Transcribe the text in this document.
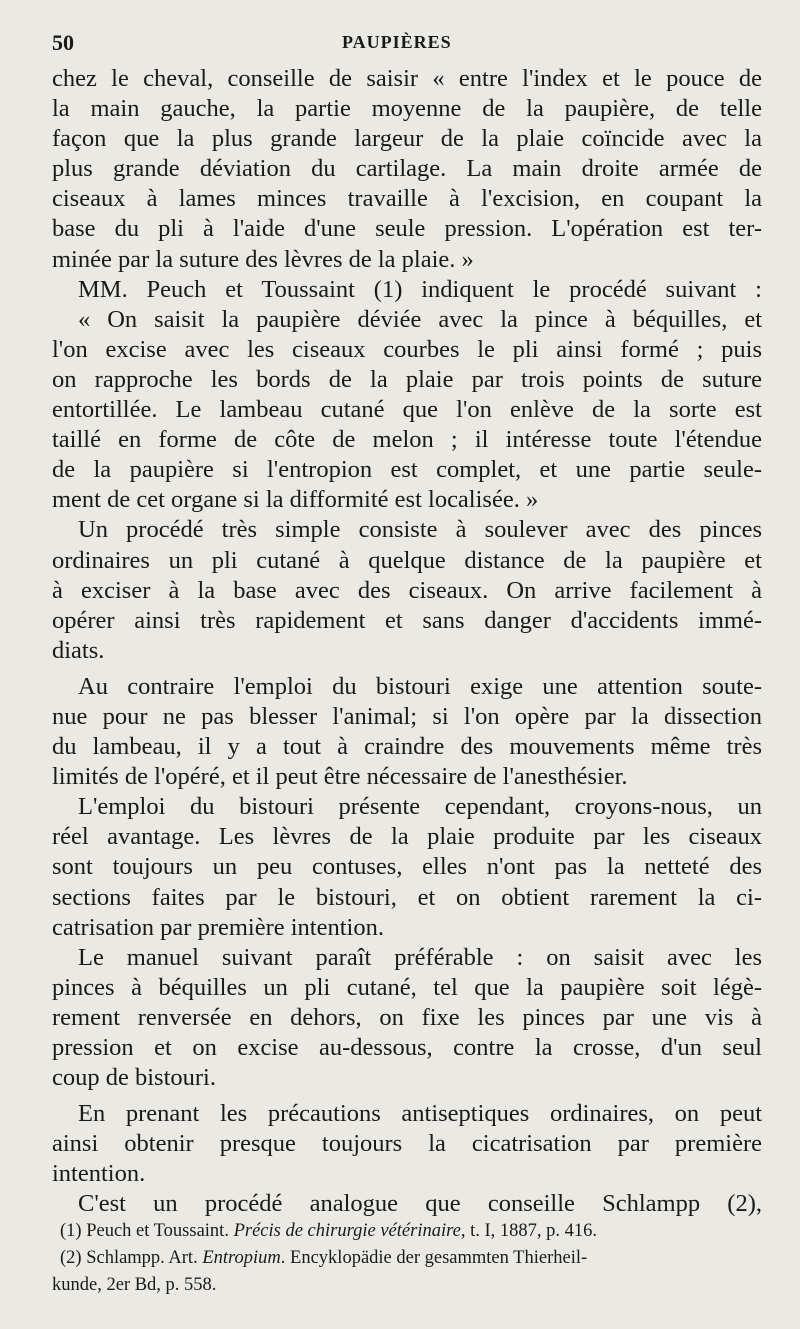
50	PAUPIÈRES
chez le cheval, conseille de saisir « entre l'index et le pouce de
la main gauche, la partie moyenne de la paupière, de telle
façon que la plus grande largeur de la plaie coïncide avec la
plus grande déviation du cartilage. La main droite armée de
ciseaux à lames minces travaille à l'excision, en coupant la
base du pli à l'aide d'une seule pression. L'opération est ter-
minée par la suture des lèvres de la plaie. »
MM. Peuch et Toussaint (1) indiquent le procédé suivant :
« On saisit la paupière déviée avec la pince à béquilles, et
l'on excise avec les ciseaux courbes le pli ainsi formé ; puis
on rapproche les bords de la plaie par trois points de suture
entortillée. Le lambeau cutané que l'on enlève de la sorte est
taillé en forme de côte de melon ; il intéresse toute l'étendue
de la paupière si l'entropion est complet, et une partie seule-
ment de cet organe si la difformité est localisée. »
Un procédé très simple consiste à soulever avec des pinces
ordinaires un pli cutané à quelque distance de la paupière et
à exciser à la base avec des ciseaux. On arrive facilement à
opérer ainsi très rapidement et sans danger d'accidents immé-
diats.
Au contraire l'emploi du bistouri exige une attention soute-
nue pour ne pas blesser l'animal; si l'on opère par la dissection
du lambeau, il y a tout à craindre des mouvements même très
limités de l'opéré, et il peut être nécessaire de l'anesthésier.
L'emploi du bistouri présente cependant, croyons-nous, un
réel avantage. Les lèvres de la plaie produite par les ciseaux
sont toujours un peu contuses, elles n'ont pas la netteté des
sections faites par le bistouri, et on obtient rarement la ci-
catrisation par première intention.
Le manuel suivant paraît préférable : on saisit avec les
pinces à béquilles un pli cutané, tel que la paupière soit légè-
rement renversée en dehors, on fixe les pinces par une vis à
pression et on excise au-dessous, contre la crosse, d'un seul
coup de bistouri.
En prenant les précautions antiseptiques ordinaires, on peut
ainsi obtenir presque toujours la cicatrisation par première
intention.
C'est un procédé analogue que conseille Schlampp (2),
(1) Peuch et Toussaint. Précis de chirurgie vétérinaire, t. I, 1887, p. 416.
(2) Schlampp. Art. Entropium. Encyklopädie der gesammten Thierheil-
kunde, 2er Bd, p. 558.
